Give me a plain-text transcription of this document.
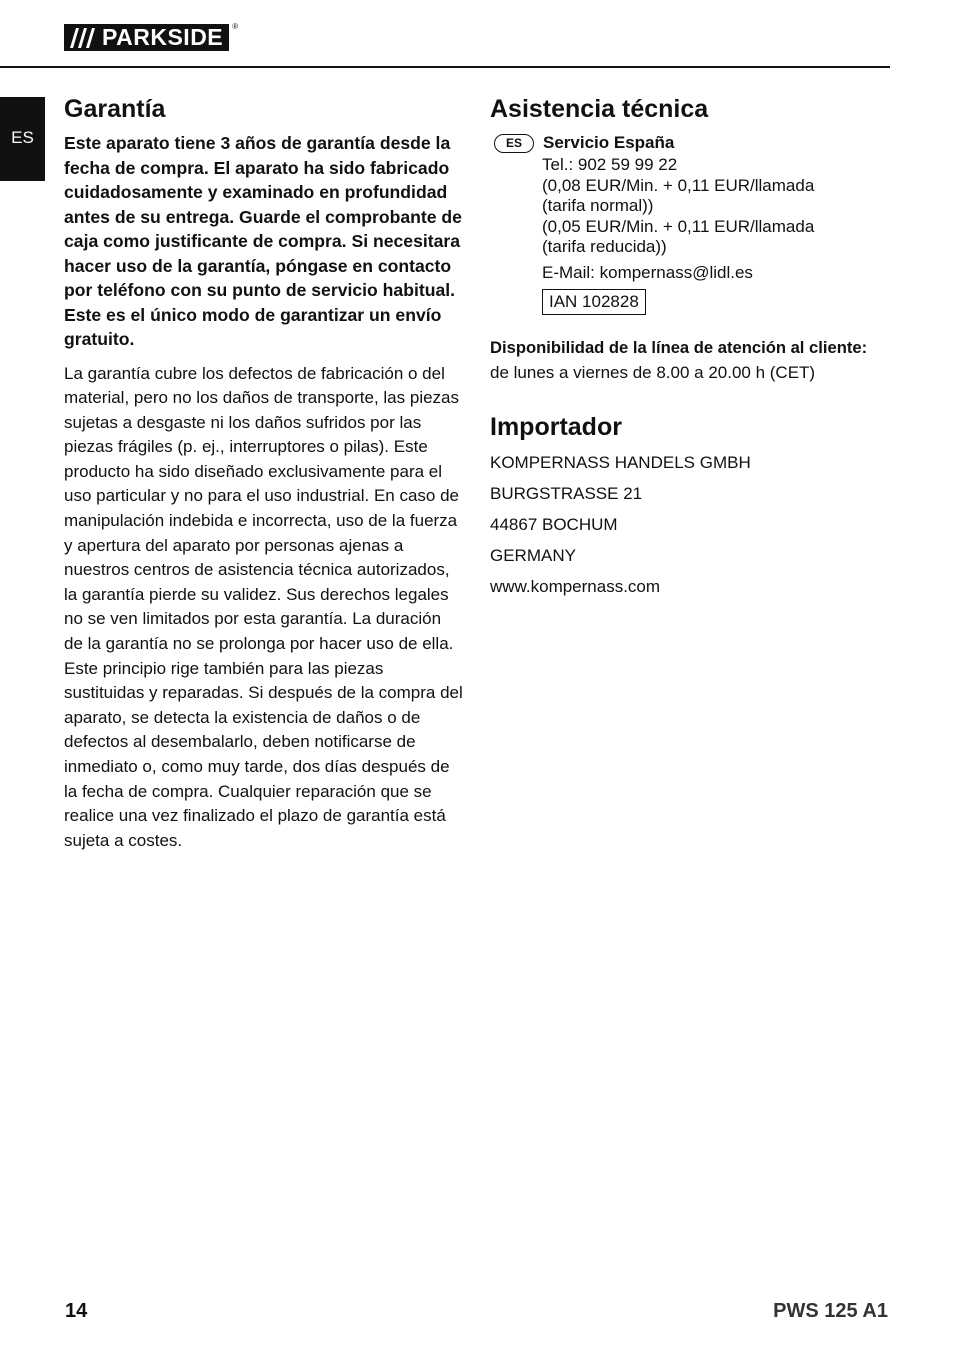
PARKSIDE	®
ES
Garantía

Este aparato tiene 3 años de garantía desde la fecha de compra. El aparato ha sido fabricado cuidadosamente y examinado en profundidad antes de su entrega. Guarde el comprobante de caja como justificante de compra. Si necesitara hacer uso de la garantía, póngase en contacto por teléfono con su punto de servicio habitual. Este es el único modo de garantizar un envío gratuito.

La garantía cubre los defectos de fabricación o del material, pero no los daños de transporte, las piezas sujetas a desgaste ni los daños sufridos por las piezas frágiles (p. ej., interruptores o pilas). Este producto ha sido diseñado exclusivamente para el uso particular y no para el uso industrial. En caso de manipulación indebida e incorrecta, uso de la fuerza y apertura del aparato por personas ajenas a nuestros centros de asistencia técnica autorizados, la garantía pierde su validez. Sus derechos legales no se ven limitados por esta garantía. La duración de la garantía no se prolonga por hacer uso de ella. Este principio rige también para las piezas sustituidas y reparadas. Si después de la compra del aparato, se detecta la existencia de daños o de defectos al desembalarlo, deben notificarse de inmediato o, como muy tarde, dos días después de la fecha de compra. Cualquier reparación que se realice una vez finalizado el plazo de garantía está sujeta a costes.

Asistencia técnica
ES	Servicio España
Tel.: 902 59 99 22
(0,08 EUR/Min. + 0,11 EUR/llamada
(tarifa normal))
(0,05 EUR/Min. + 0,11 EUR/llamada
(tarifa reducida))
E-Mail: kompernass@lidl.es
IAN 102828
Disponibilidad de la línea de atención al cliente:
de lunes a viernes de 8.00 a 20.00 h (CET)
Importador
KOMPERNASS HANDELS GMBH
BURGSTRASSE 21
44867 BOCHUM
GERMANY
www.kompernass.com
14	PWS 125 A1
